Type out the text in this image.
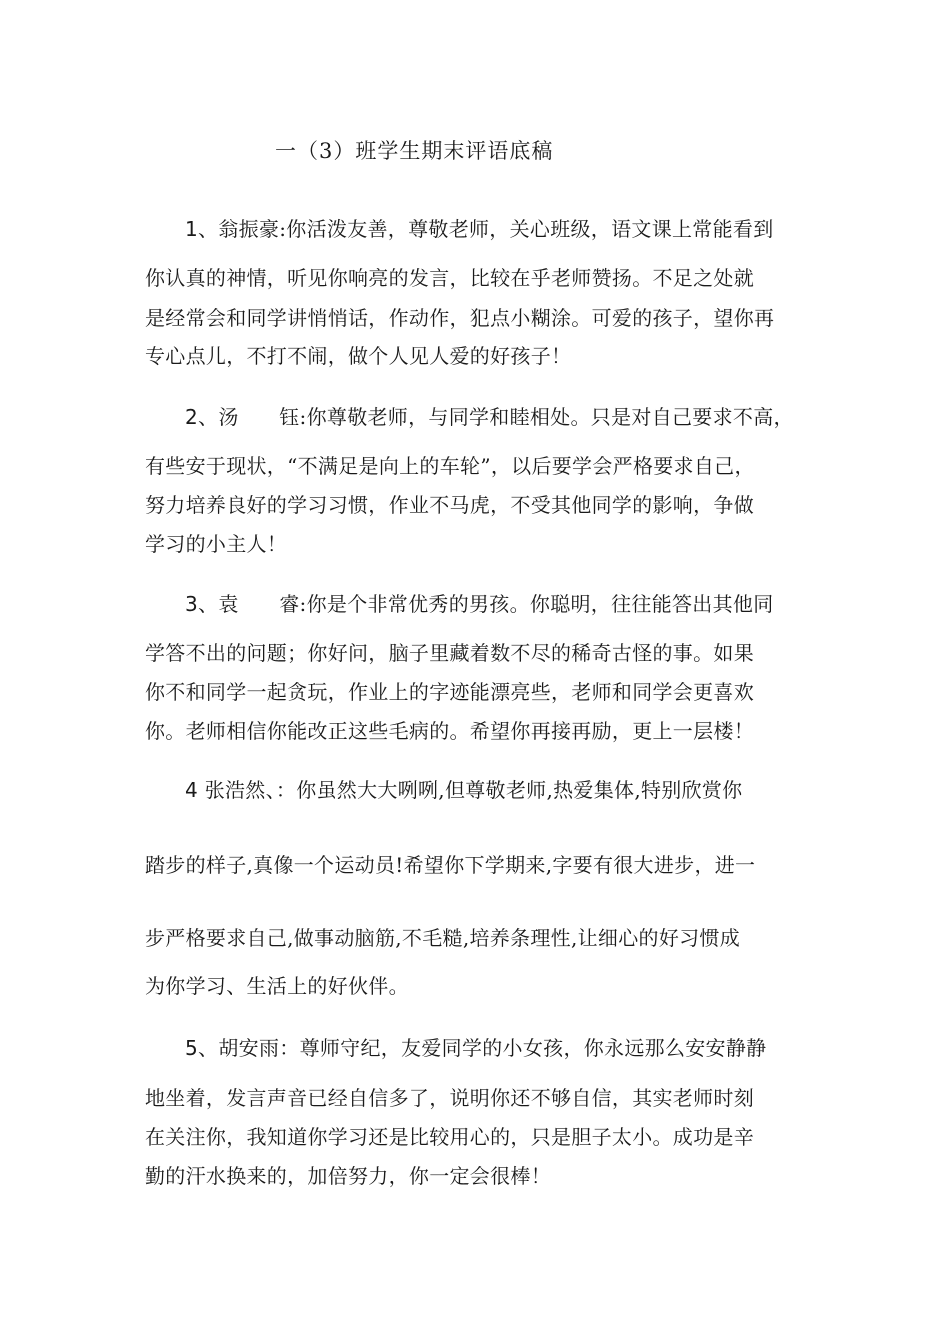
一（3）班学生期末评语底稿
1、翁振豪:你活泼友善，尊敬老师，关心班级，语文课上常能看到
你认真的神情，听见你响亮的发言，比较在乎老师赞扬。不足之处就
是经常会和同学讲悄悄话，作动作，犯点小糊涂。可爱的孩子，望你再
专心点儿，不打不闹，做个人见人爱的好孩子！
2、汤　　钰:你尊敬老师，与同学和睦相处。只是对自己要求不高，
有些安于现状，“不满足是向上的车轮”，以后要学会严格要求自己，
努力培养良好的学习习惯，作业不马虎，不受其他同学的影响，争做
学习的小主人！
3、袁　　睿:你是个非常优秀的男孩。你聪明，往往能答出其他同
学答不出的问题；你好问，脑子里藏着数不尽的稀奇古怪的事。如果
你不和同学一起贪玩，作业上的字迹能漂亮些，老师和同学会更喜欢
你。老师相信你能改正这些毛病的。希望你再接再励，更上一层楼！
4 张浩然、：你虽然大大咧咧,但尊敬老师,热爱集体,特别欣赏你
踏步的样子,真像一个运动员!希望你下学期来,字要有很大进步，进一
步严格要求自己,做事动脑筋,不毛糙,培养条理性,让细心的好习惯成
为你学习、生活上的好伙伴。
5、胡安雨：尊师守纪，友爱同学的小女孩，你永远那么安安静静
地坐着，发言声音已经自信多了，说明你还不够自信，其实老师时刻
在关注你，我知道你学习还是比较用心的，只是胆子太小。成功是辛
勤的汗水换来的，加倍努力，你一定会很棒！
